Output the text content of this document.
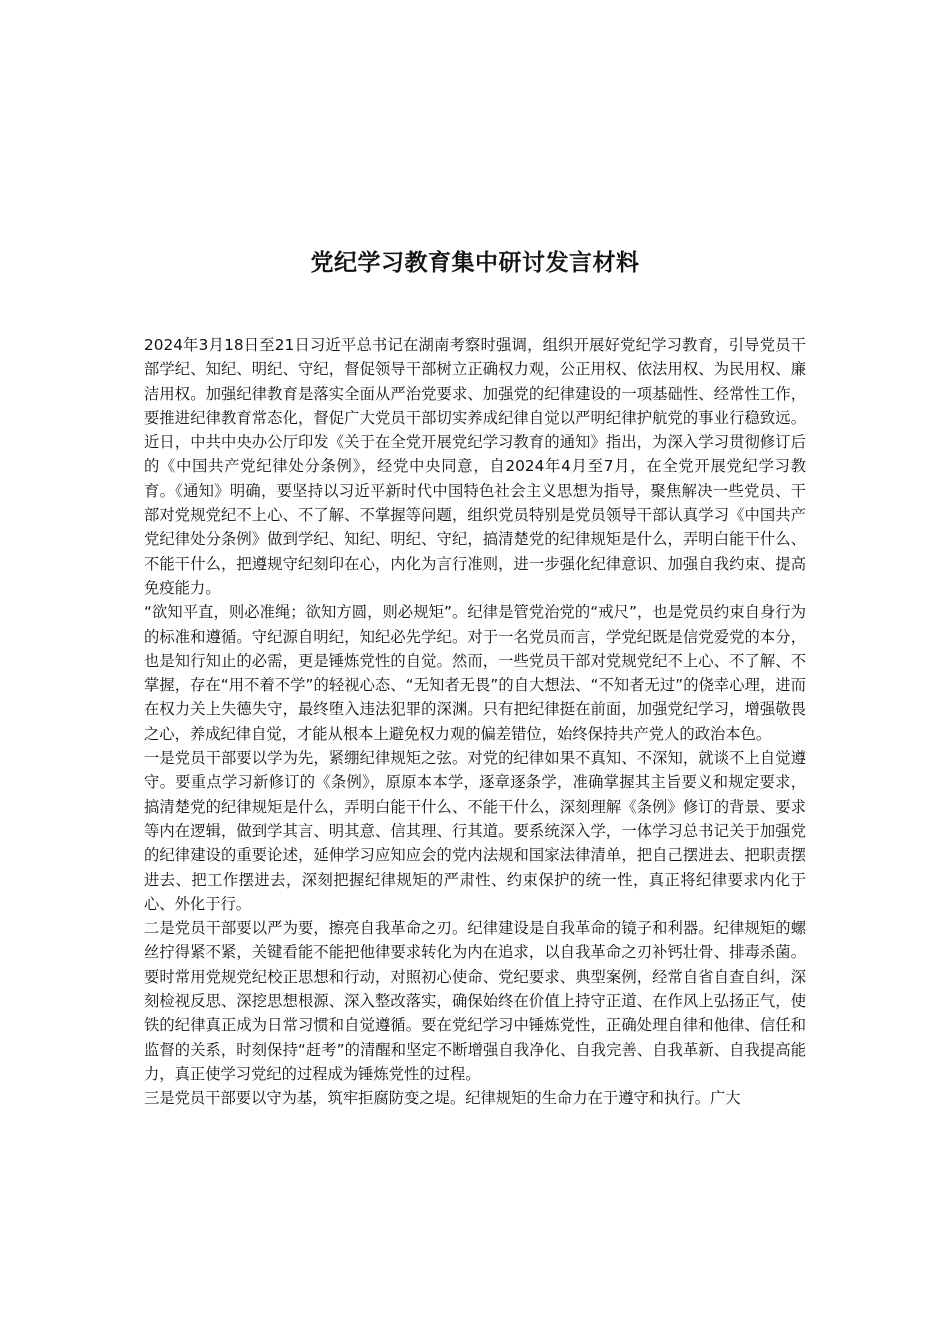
党纪学习教育集中研讨发言材料

2024年3月18日至21日习近平总书记在湖南考察时强调，组织开展好党纪学习教育，引导党员干部学纪、知纪、明纪、守纪，督促领导干部树立正确权力观，公正用权、依法用权、为民用权、廉洁用权。加强纪律教育是落实全面从严治党要求、加强党的纪律建设的一项基础性、经常性工作，要推进纪律教育常态化，督促广大党员干部切实养成纪律自觉以严明纪律护航党的事业行稳致远。近日，中共中央办公厅印发《关于在全党开展党纪学习教育的通知》指出，为深入学习贯彻修订后的《中国共产党纪律处分条例》，经党中央同意，自2024年4月至7月，在全党开展党纪学习教育。《通知》明确，要坚持以习近平新时代中国特色社会主义思想为指导，聚焦解决一些党员、干部对党规党纪不上心、不了解、不掌握等问题，组织党员特别是党员领导干部认真学习《中国共产党纪律处分条例》做到学纪、知纪、明纪、守纪，搞清楚党的纪律规矩是什么，弄明白能干什么、不能干什么，把遵规守纪刻印在心，内化为言行准则，进一步强化纪律意识、加强自我约束、提高免疫能力。

“欲知平直，则必准绳；欲知方圆，则必规矩”。纪律是管党治党的“戒尺”，也是党员约束自身行为的标准和遵循。守纪源自明纪，知纪必先学纪。对于一名党员而言，学党纪既是信党爱党的本分，也是知行知止的必需，更是锤炼党性的自觉。然而，一些党员干部对党规党纪不上心、不了解、不掌握，存在“用不着不学”的轻视心态、“无知者无畏”的自大想法、“不知者无过”的侥幸心理，进而在权力关上失德失守，最终堕入违法犯罪的深渊。只有把纪律挺在前面，加强党纪学习，增强敬畏之心，养成纪律自觉，才能从根本上避免权力观的偏差错位，始终保持共产党人的政治本色。

一是党员干部要以学为先，紧绷纪律规矩之弦。对党的纪律如果不真知、不深知，就谈不上自觉遵守。要重点学习新修订的《条例》，原原本本学，逐章逐条学，准确掌握其主旨要义和规定要求，搞清楚党的纪律规矩是什么，弄明白能干什么、不能干什么，深刻理解《条例》修订的背景、要求等内在逻辑，做到学其言、明其意、信其理、行其道。要系统深入学，一体学习总书记关于加强党的纪律建设的重要论述，延伸学习应知应会的党内法规和国家法律清单，把自己摆进去、把职责摆进去、把工作摆进去，深刻把握纪律规矩的严肃性、约束保护的统一性，真正将纪律要求内化于心、外化于行。

二是党员干部要以严为要，擦亮自我革命之刃。纪律建设是自我革命的镜子和利器。纪律规矩的螺丝拧得紧不紧，关键看能不能把他律要求转化为内在追求，以自我革命之刃补钙壮骨、排毒杀菌。要时常用党规党纪校正思想和行动，对照初心使命、党纪要求、典型案例，经常自省自查自纠，深刻检视反思、深挖思想根源、深入整改落实，确保始终在价值上持守正道、在作风上弘扬正气，使铁的纪律真正成为日常习惯和自觉遵循。要在党纪学习中锤炼党性，正确处理自律和他律、信任和监督的关系，时刻保持“赶考”的清醒和坚定不断增强自我净化、自我完善、自我革新、自我提高能力，真正使学习党纪的过程成为锤炼党性的过程。

三是党员干部要以守为基，筑牢拒腐防变之堤。纪律规矩的生命力在于遵守和执行。广大
